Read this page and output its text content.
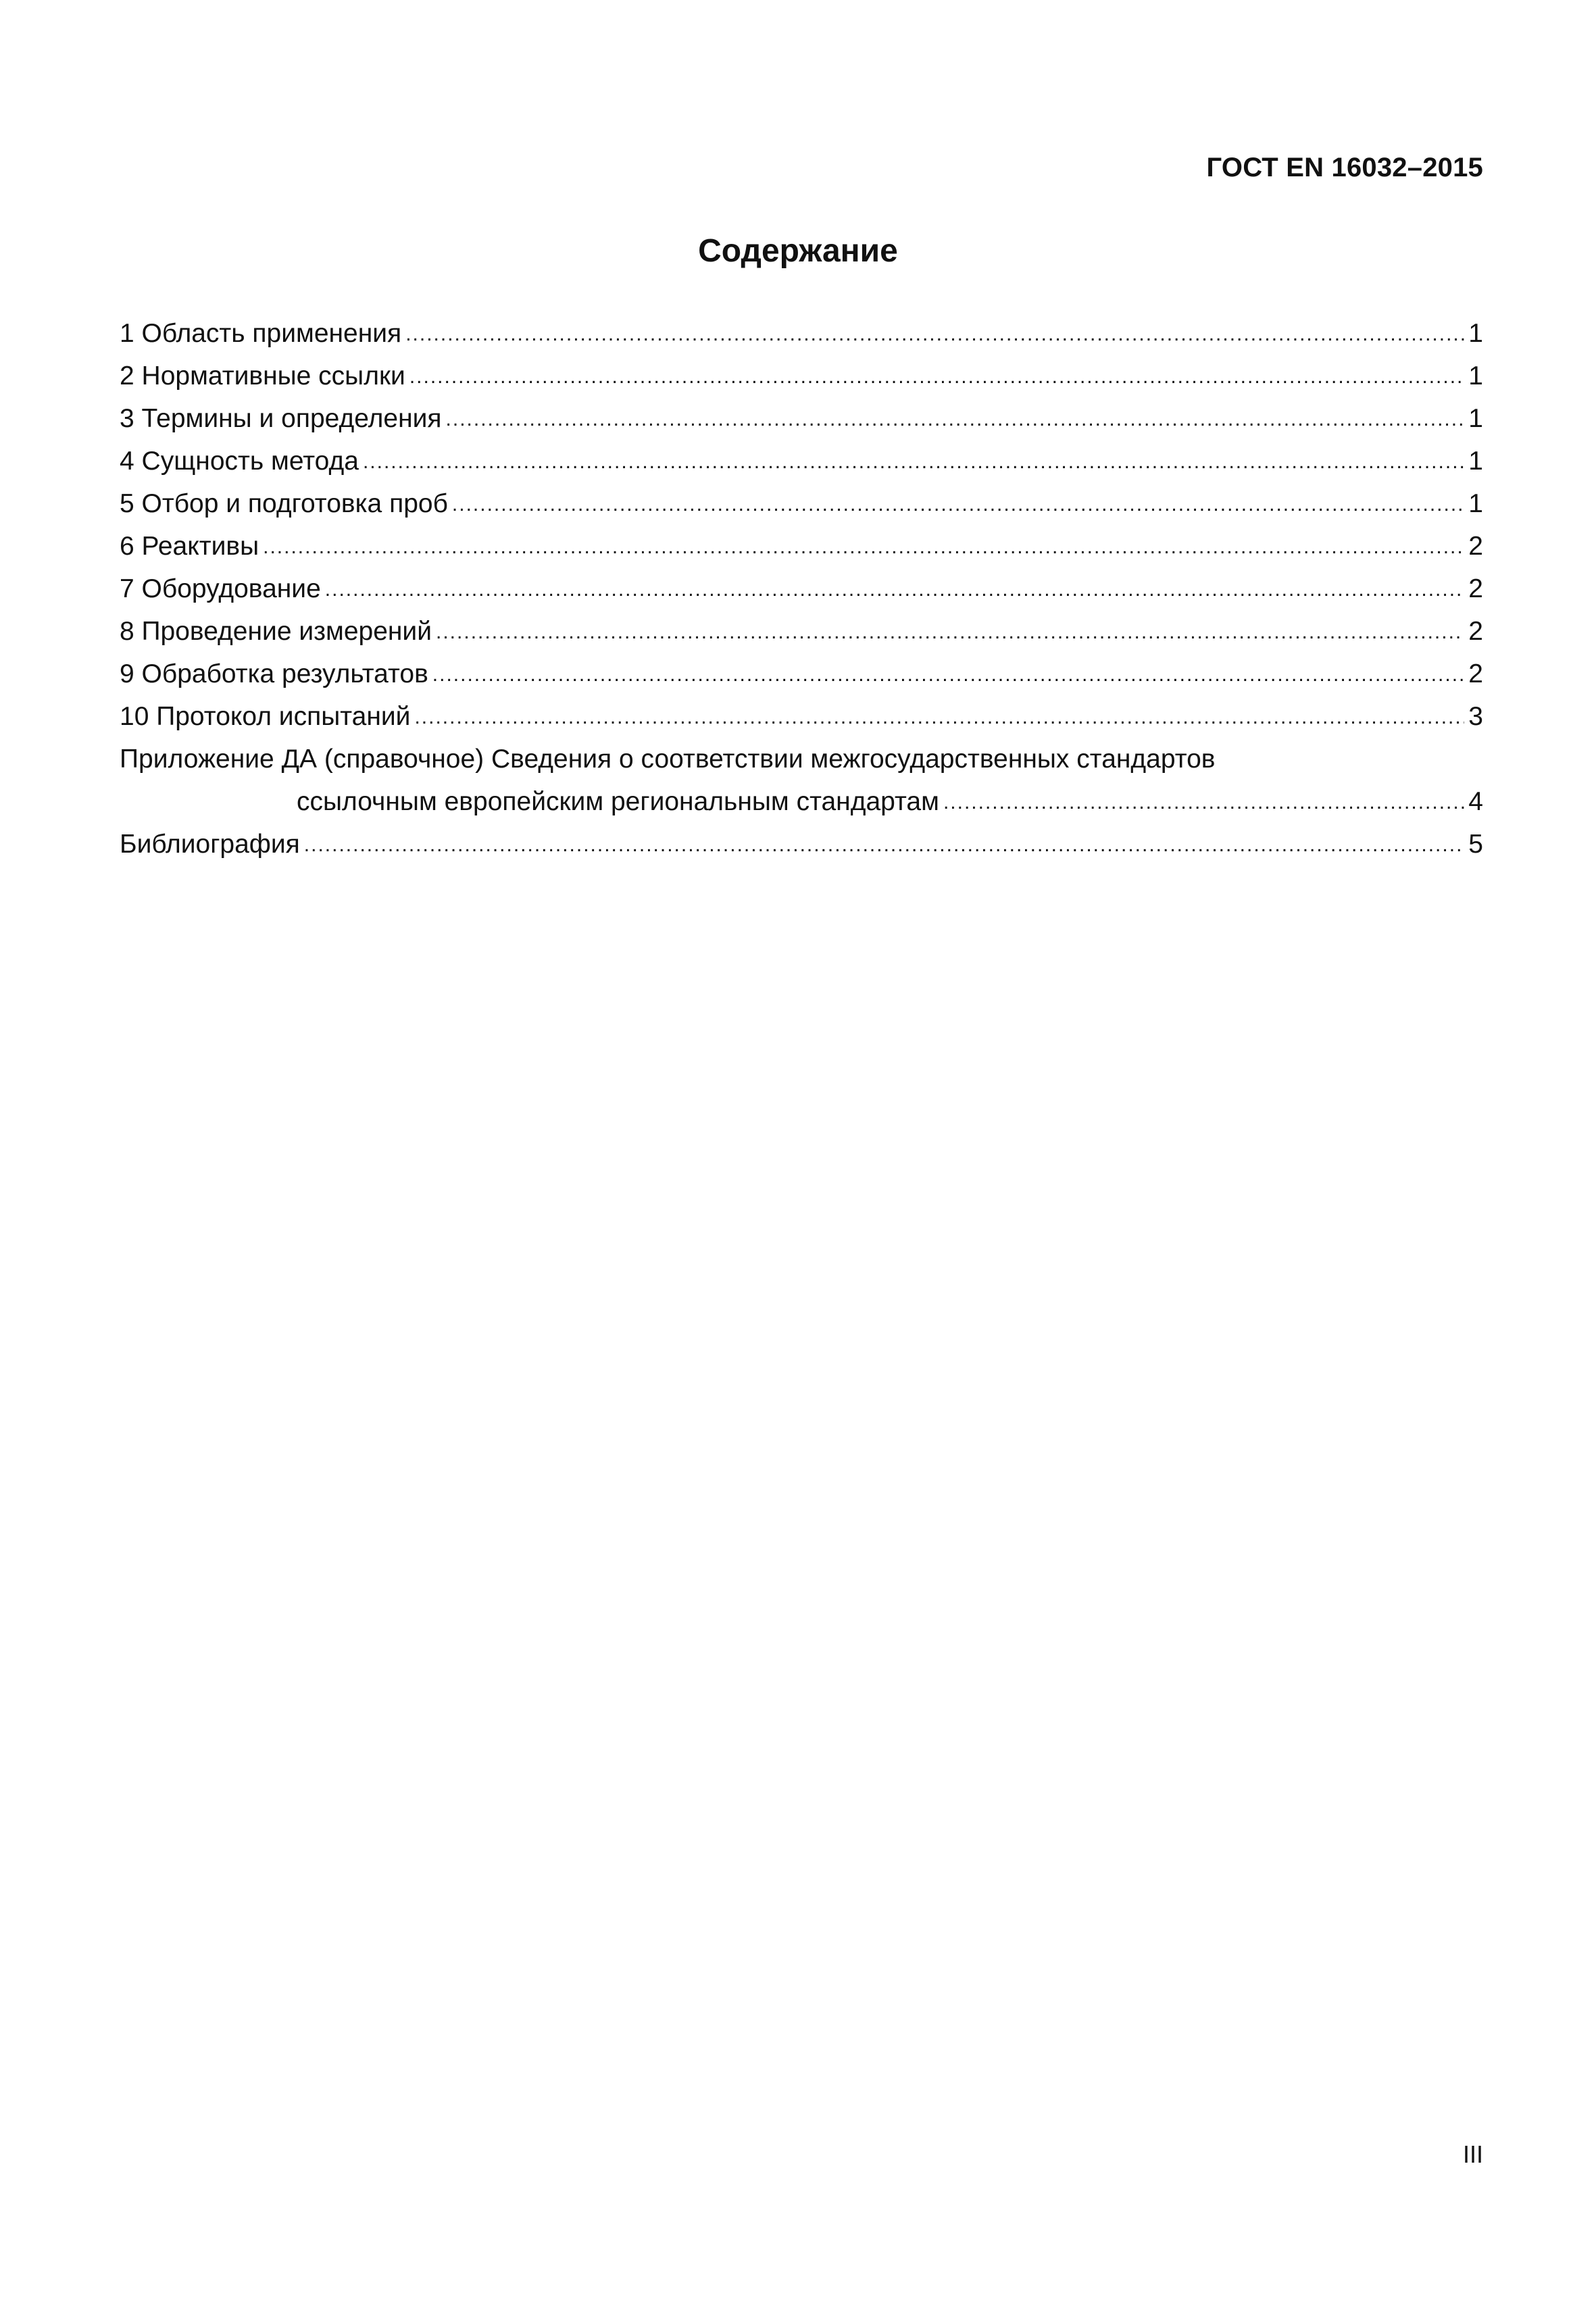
ГОСТ EN 16032–2015
Содержание
1 Область применения .....	1
2 Нормативные ссылки .....	1
3 Термины и определения .....	1
4 Сущность метода .....	1
5 Отбор и подготовка проб .....	1
6 Реактивы .....	2
7 Оборудование .....	2
8 Проведение измерений .....	2
9 Обработка результатов .....	2
10 Протокол испытаний .....	3
Приложение ДА (справочное) Сведения о соответствии межгосударственных стандартов
ссылочным европейским региональным стандартам .....	4
Библиография .....	5
III
